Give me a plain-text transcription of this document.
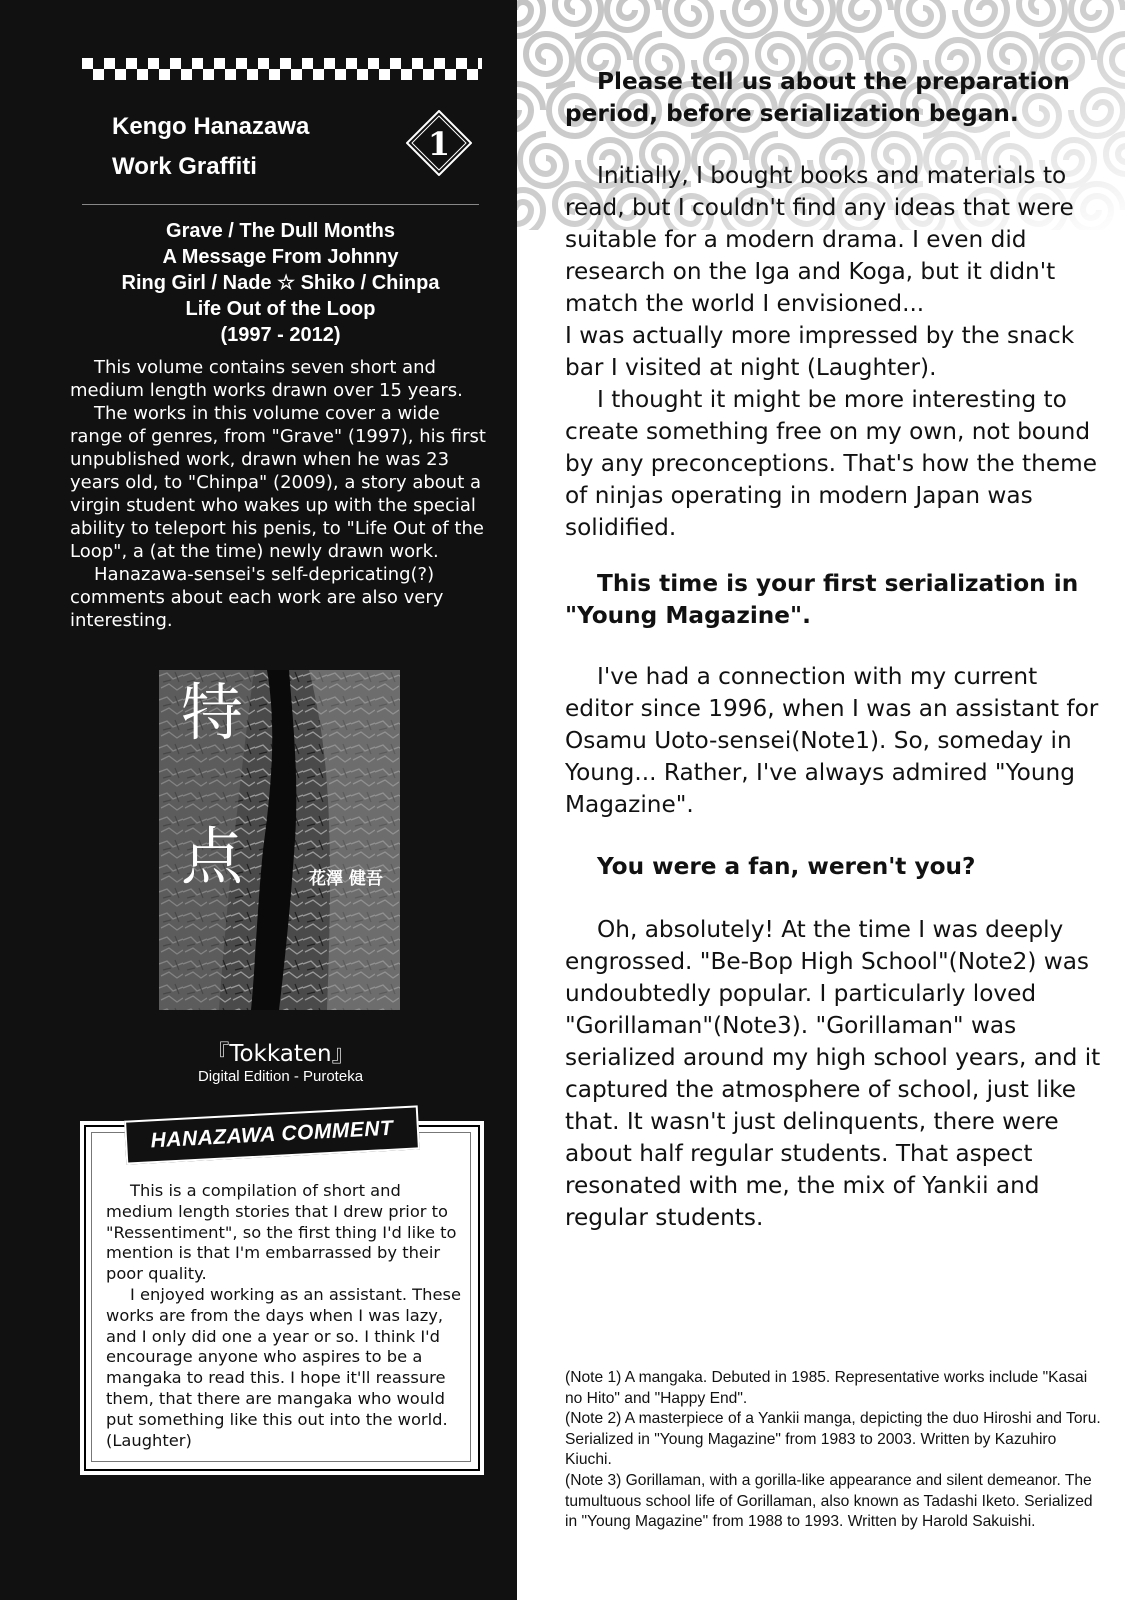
Kengo Hanazawa
Work Graffiti
1
Grave / The Dull Months
A Message From Johnny
Ring Girl / Nade ☆ Shiko / Chinpa
Life Out of the Loop
(1997 - 2012)

This volume contains seven short and medium length works drawn over 15 years.

The works in this volume cover a wide range of genres, from "Grave" (1997), his first unpublished work, drawn when he was 23 years old, to "Chinpa" (2009), a story about a virgin student who wakes up with the special ability to teleport his penis, to "Life Out of the Loop", a (at the time) newly drawn work.

Hanazawa-sensei's self-depricating(?) comments about each work are also very interesting.

特
点	花澤 健吾
『Tokkaten』
Digital Edition - Puroteka
HANAZAWA COMMENT

This is a compilation of short and medium length stories that I drew prior to "Ressentiment", so the first thing I'd like to mention is that I'm embarrassed by their poor quality.

I enjoyed working as an assistant. These works are from the days when I was lazy, and I only did one a year or so. I think I'd encourage anyone who aspires to be a mangaka to read this. I hope it'll reassure them, that there are mangaka who would put something like this out into the world. (Laughter)

Please tell us about the preparation period, before serialization began.

Initially, I bought books and materials to read, but I couldn't find any ideas that were suitable for a modern drama. I even did research on the Iga and Koga, but it didn't match the world I envisioned...

I was actually more impressed by the snack bar I visited at night (Laughter).

I thought it might be more interesting to create something free on my own, not bound by any preconceptions. That's how the theme of ninjas operating in modern Japan was solidified.

This time is your first serialization in "Young Magazine".

I've had a connection with my current editor since 1996, when I was an assistant for Osamu Uoto-sensei(Note1). So, someday in Young... Rather, I've always admired "Young Magazine".

You were a fan, weren't you?

Oh, absolutely! At the time I was deeply engrossed. "Be-Bop High School"(Note2) was undoubtedly popular. I particularly loved "Gorillaman"(Note3). "Gorillaman" was serialized around my high school years, and it captured the atmosphere of school, just like that. It wasn't just delinquents, there were about half regular students. That aspect resonated with me, the mix of Yankii and regular students.

(Note 1) A mangaka. Debuted in 1985. Representative works include "Kasai no Hito" and "Happy End".

(Note 2) A masterpiece of a Yankii manga, depicting the duo Hiroshi and Toru. Serialized in "Young Magazine" from 1983 to 2003. Written by Kazuhiro Kiuchi.

(Note 3) Gorillaman, with a gorilla-like appearance and silent demeanor. The tumultuous school life of Gorillaman, also known as Tadashi Iketo. Serialized in "Young Magazine" from 1988 to 1993. Written by Harold Sakuishi.
